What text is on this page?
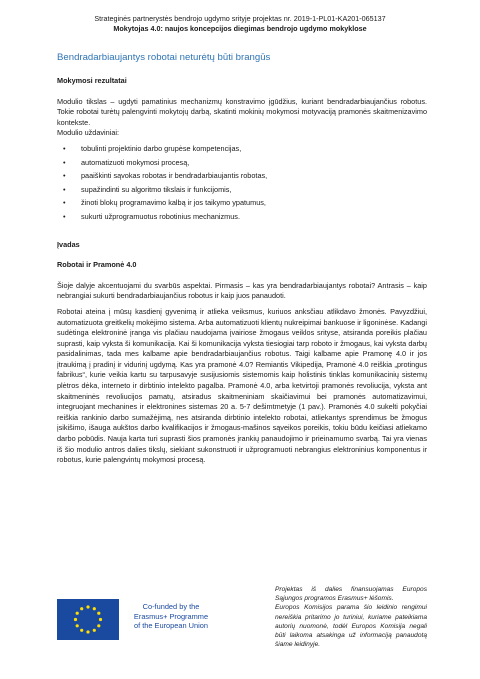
Strateginės partnerystės bendrojo ugdymo srityje projektas nr. 2019-1-PL01-KA201-065137
Mokytojas 4.0: naujos koncepcijos diegimas bendrojo ugdymo mokyklose
Bendradarbiaujantys robotai neturėtų būti brangūs

Mokymosi rezultatai

Modulio tikslas – ugdyti pamatinius mechanizmų konstravimo įgūdžius, kuriant bendradarbiaujančius robotus. Tokie robotai turėtų palengvinti mokytojų darbą, skatinti mokinių mokymosi motyvaciją pramonės skaitmenizavimo kontekste.

Modulio uždaviniai:

• tobulinti projektinio darbo grupėse kompetencijas,
• automatizuoti mokymosi procesą,
• paaiškinti sąvokas robotas ir bendradarbiaujantis robotas,
• supažindinti su algoritmo tikslais ir funkcijomis,
• žinoti blokų programavimo kalbą ir jos taikymo ypatumus,
• sukurti užprogramuotus robotinius mechanizmus.

Įvadas

Robotai ir Pramonė 4.0

Šioje dalyje akcentuojami du svarbūs aspektai. Pirmasis – kas yra bendradarbiaujantys robotai? Antrasis – kaip nebrangiai sukurti bendradarbiaujančius robotus ir kaip juos panaudoti.

Robotai ateina į mūsų kasdienį gyvenimą ir atlieka veiksmus, kuriuos anksčiau atlikdavo žmonės. Pavyzdžiui, automatizuota greitkelių mokėjimo sistema. Arba automatizuoti klientų nukreipimai bankuose ir ligoninėse. Kadangi sudėtinga elektroninė įranga vis plačiau naudojama įvairiose žmogaus veiklos srityse, atsiranda poreikis plačiau suprasti, kaip vyksta ši komunikacija. Kai ši komunikacija vyksta tiesiogiai tarp roboto ir žmogaus, kai vyksta darbų pasidalinimas, tada mes kalbame apie bendradarbiaujančius robotus. Taigi kalbame apie Pramonę 4.0 ir jos įtraukimą į pradinį ir vidurinį ugdymą. Kas yra pramonė 4.0? Remiantis Vikipedija, Pramonė 4.0 reiškia „protingus fabrikus“, kurie veikia kartu su tarpusavyje susijusiomis sistemomis kaip holistinis tinklas komunikacinių sistemų plėtros dėka, interneto ir dirbtinio intelekto pagalba. Pramonė 4.0, arba ketvirtoji pramonės revoliucija, vyksta ant skaitmeninės revoliucijos pamatų, atsiradus skaitmeniniam skaičiavimui bei pramonės automatizavimui, integruojant mechanines ir elektronines sistemas 20 a. 5-7 dešimtmetyje (1 pav.). Pramonės 4.0 sukelti pokyčiai reiškia rankinio darbo sumažėjimą, nes atsiranda dirbtinio intelekto robotai, atliekantys sprendimus be žmogus įsikišimo, išauga aukštos darbo kvalifikacijos ir žmogaus-mašinos sąveikos poreikis, tokiu būdu keičiasi atliekamo darbo pobūdis. Nauja karta turi suprasti šios pramonės įrankių panaudojimo ir prieinamumo svarbą. Tai yra vienas iš šio modulio antros dalies tikslų, siekiant sukonstruoti ir užprogramuoti nebrangius elektroninius komponentus ir robotus, kurie palengvintų mokymosi procesą.

Co-funded by the
Erasmus+ Programme
of the European Union

Projektas iš dalies finansuojamas Europos Sąjungos programos Erasmus+ lėšomis.

Europos Komisijos parama šio leidinio rengimui nereiškia pritarimo jo turiniui, kuriame pateikiama autorių nuomonė, todėl Europos Komisija negali būti laikoma atsakinga už informaciją panaudotą šiame leidinyje.
